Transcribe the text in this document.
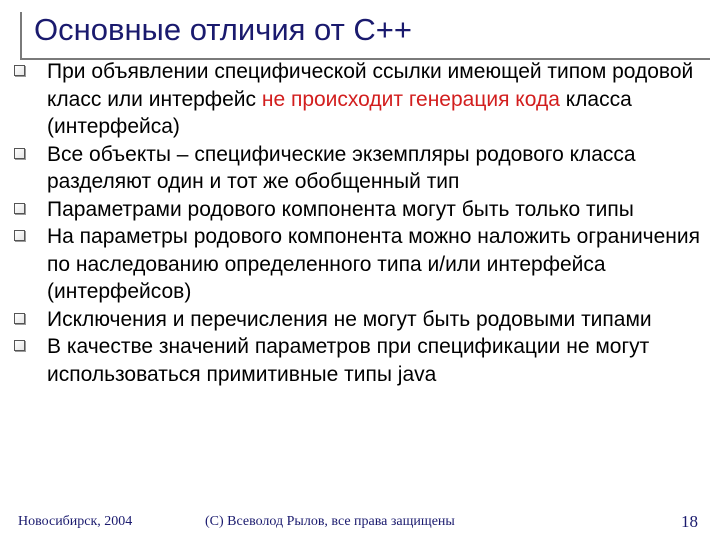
Основные отличия от С++
При объявлении специфической ссылки имеющей типом родовой класс или интерфейс не происходит генерация кода класса (интерфейса)
Все объекты – специфические экземпляры родового класса разделяют один и тот же обобщенный тип
Параметрами родового компонента могут быть только типы
На параметры родового компонента можно наложить ограничения по наследованию определенного типа и/или интерфейса (интерфейсов)
Исключения и перечисления не могут быть родовыми типами
В качестве значений параметров при спецификации не могут использоваться примитивные типы java
Новосибирск, 2004	(C) Всеволод Рылов, все права защищены	18
